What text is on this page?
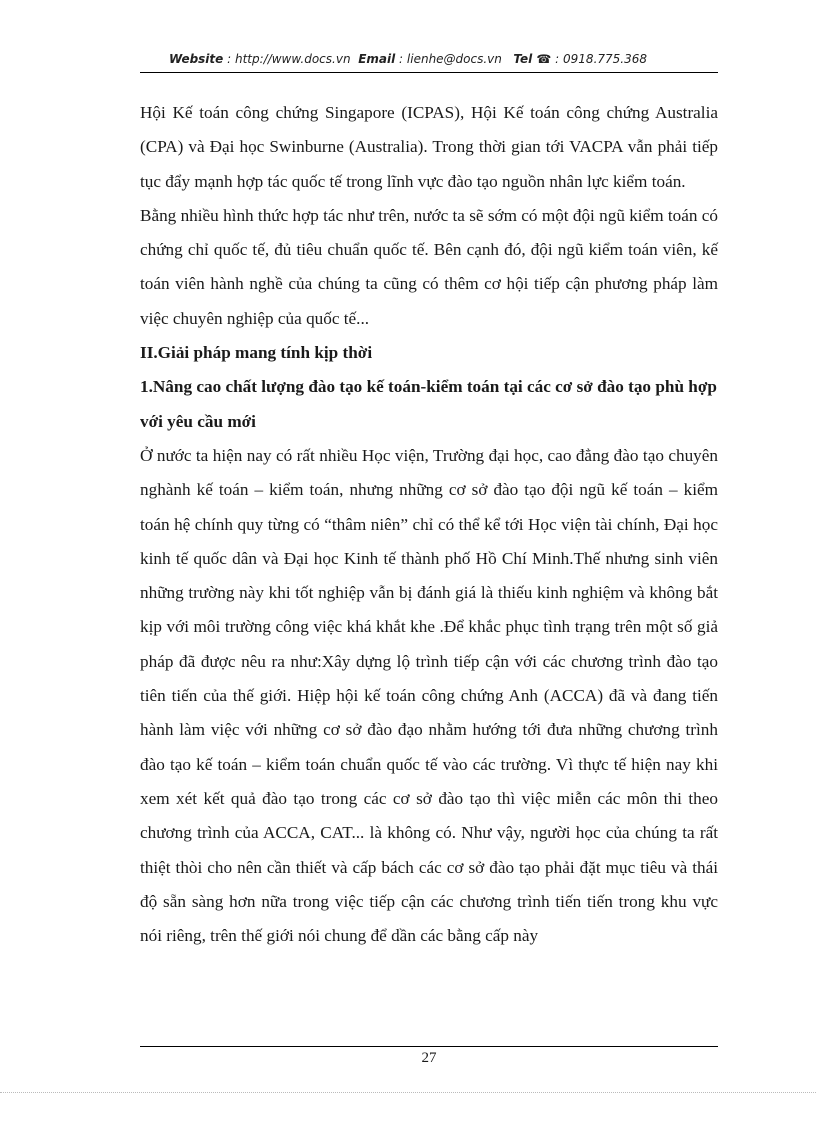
Website : http://www.docs.vn Email : lienhe@docs.vn Tel ☎ : 0918.775.368

Hội Kế toán công chứng Singapore (ICPAS), Hội Kế toán công chứng Australia (CPA) và Đại học Swinburne (Australia). Trong thời gian tới VACPA vẫn phải tiếp tục đẩy mạnh hợp tác quốc tế trong lĩnh vực đào tạo nguồn nhân lực kiểm toán.

Bằng nhiều hình thức hợp tác như trên, nước ta sẽ sớm có một đội ngũ kiểm toán có chứng chỉ quốc tế, đủ tiêu chuẩn quốc tế. Bên cạnh đó, đội ngũ kiểm toán viên, kế toán viên hành nghề của chúng ta cũng có thêm cơ hội tiếp cận phương pháp làm việc chuyên nghiệp của quốc tế...

II.Giải pháp mang tính kịp thời
1.Nâng cao chất lượng đào tạo kế toán-kiểm toán tại các cơ sở đào tạo phù hợp với yêu cầu mới

Ở nước ta hiện nay có rất nhiều Học viện, Trường đại học, cao đẳng đào tạo chuyên nghành kế toán – kiểm toán, nhưng những cơ sở đào tạo đội ngũ kế toán – kiểm toán hệ chính quy từng có “thâm niên” chỉ có thể kể tới Học viện tài chính, Đại học kinh tế quốc dân và Đại học Kinh tế thành phố Hồ Chí Minh.Thế nhưng sinh viên những trường này khi tốt nghiệp vẫn bị đánh giá là thiếu kinh nghiệm và không bắt kịp với môi trường công việc khá khắt khe .Để khắc phục tình trạng trên một số giả pháp đã được nêu ra như:Xây dựng lộ trình tiếp cận với các chương trình đào tạo tiên tiến của thế giới. Hiệp hội kế toán công chứng Anh (ACCA) đã và đang tiến hành làm việc với những cơ sở đào đạo nhằm hướng tới đưa những chương trình đào tạo kế toán – kiểm toán chuẩn quốc tế vào các trường. Vì thực tế hiện nay khi xem xét kết quả đào tạo trong các cơ sở đào tạo thì việc miễn các môn thi theo chương trình của ACCA, CAT... là không có. Như vậy, người học của chúng ta rất thiệt thòi cho nên cần thiết và cấp bách các cơ sở đào tạo phải đặt mục tiêu và thái độ sẵn sàng hơn nữa trong việc tiếp cận các chương trình tiến tiến trong khu vực nói riêng, trên thế giới nói chung để dần các bằng cấp này

27
